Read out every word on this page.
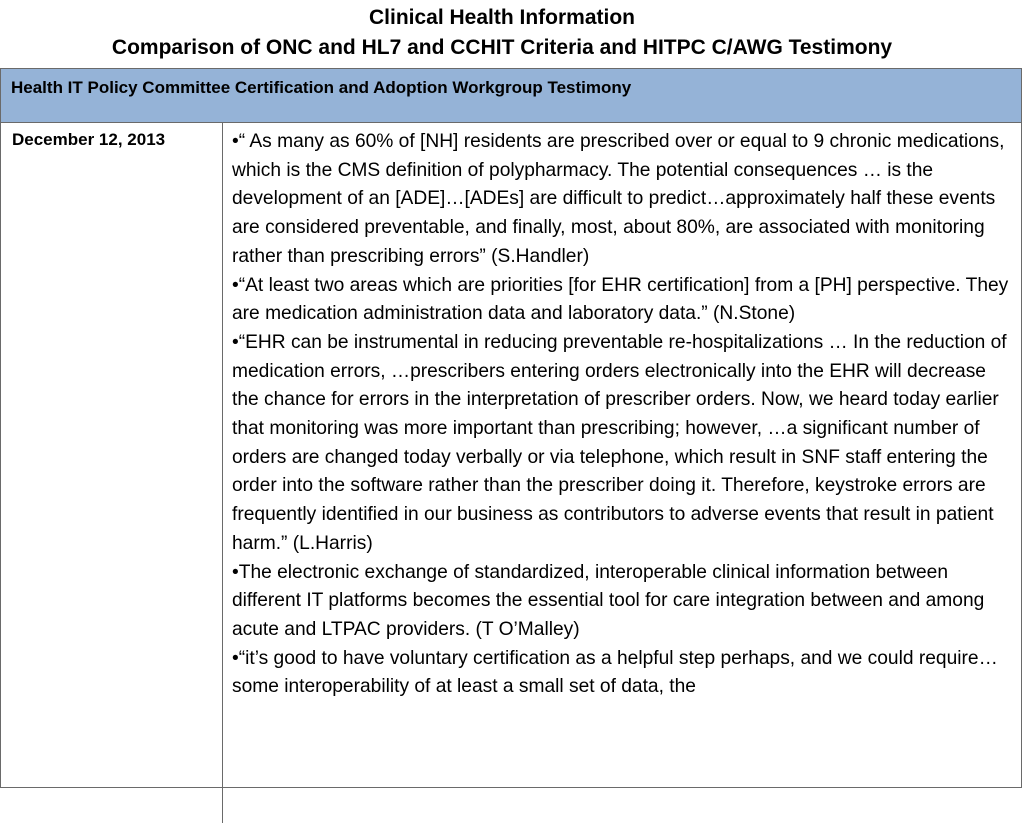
Clinical Health Information
Comparison of ONC and HL7 and CCHIT Criteria and HITPC C/AWG Testimony
Health IT Policy Committee Certification and Adoption Workgroup Testimony
December 12, 2013	•“ As many as 60% of [NH] residents are prescribed over or equal to 9 chronic medications, which is the CMS definition of polypharmacy. The potential consequences … is the development of an [ADE]…[ADEs] are difficult to predict…approximately half these events are considered preventable, and finally, most, about 80%, are associated with monitoring rather than prescribing errors” (S.Handler)
•“At least two areas which are priorities [for EHR certification] from a [PH] perspective. They are medication administration data and laboratory data.” (N.Stone)
•“EHR can be instrumental in reducing preventable re-hospitalizations … In the reduction of medication errors, …prescribers entering orders electronically into the EHR will decrease the chance for errors in the interpretation of prescriber orders. Now, we heard today earlier that monitoring was more important than prescribing; however, …a significant number of orders are changed today verbally or via telephone, which result in SNF staff entering the order into the software rather than the prescriber doing it. Therefore, keystroke errors are frequently identified in our business as contributors to adverse events that result in patient harm.” (L.Harris)
•The electronic exchange of standardized, interoperable clinical information between different IT platforms becomes the essential tool for care integration between and among acute and LTPAC providers. (T O’Malley)
•“it’s good to have voluntary certification as a helpful step perhaps, and we could require…some interoperability of at least a small set of data, the
